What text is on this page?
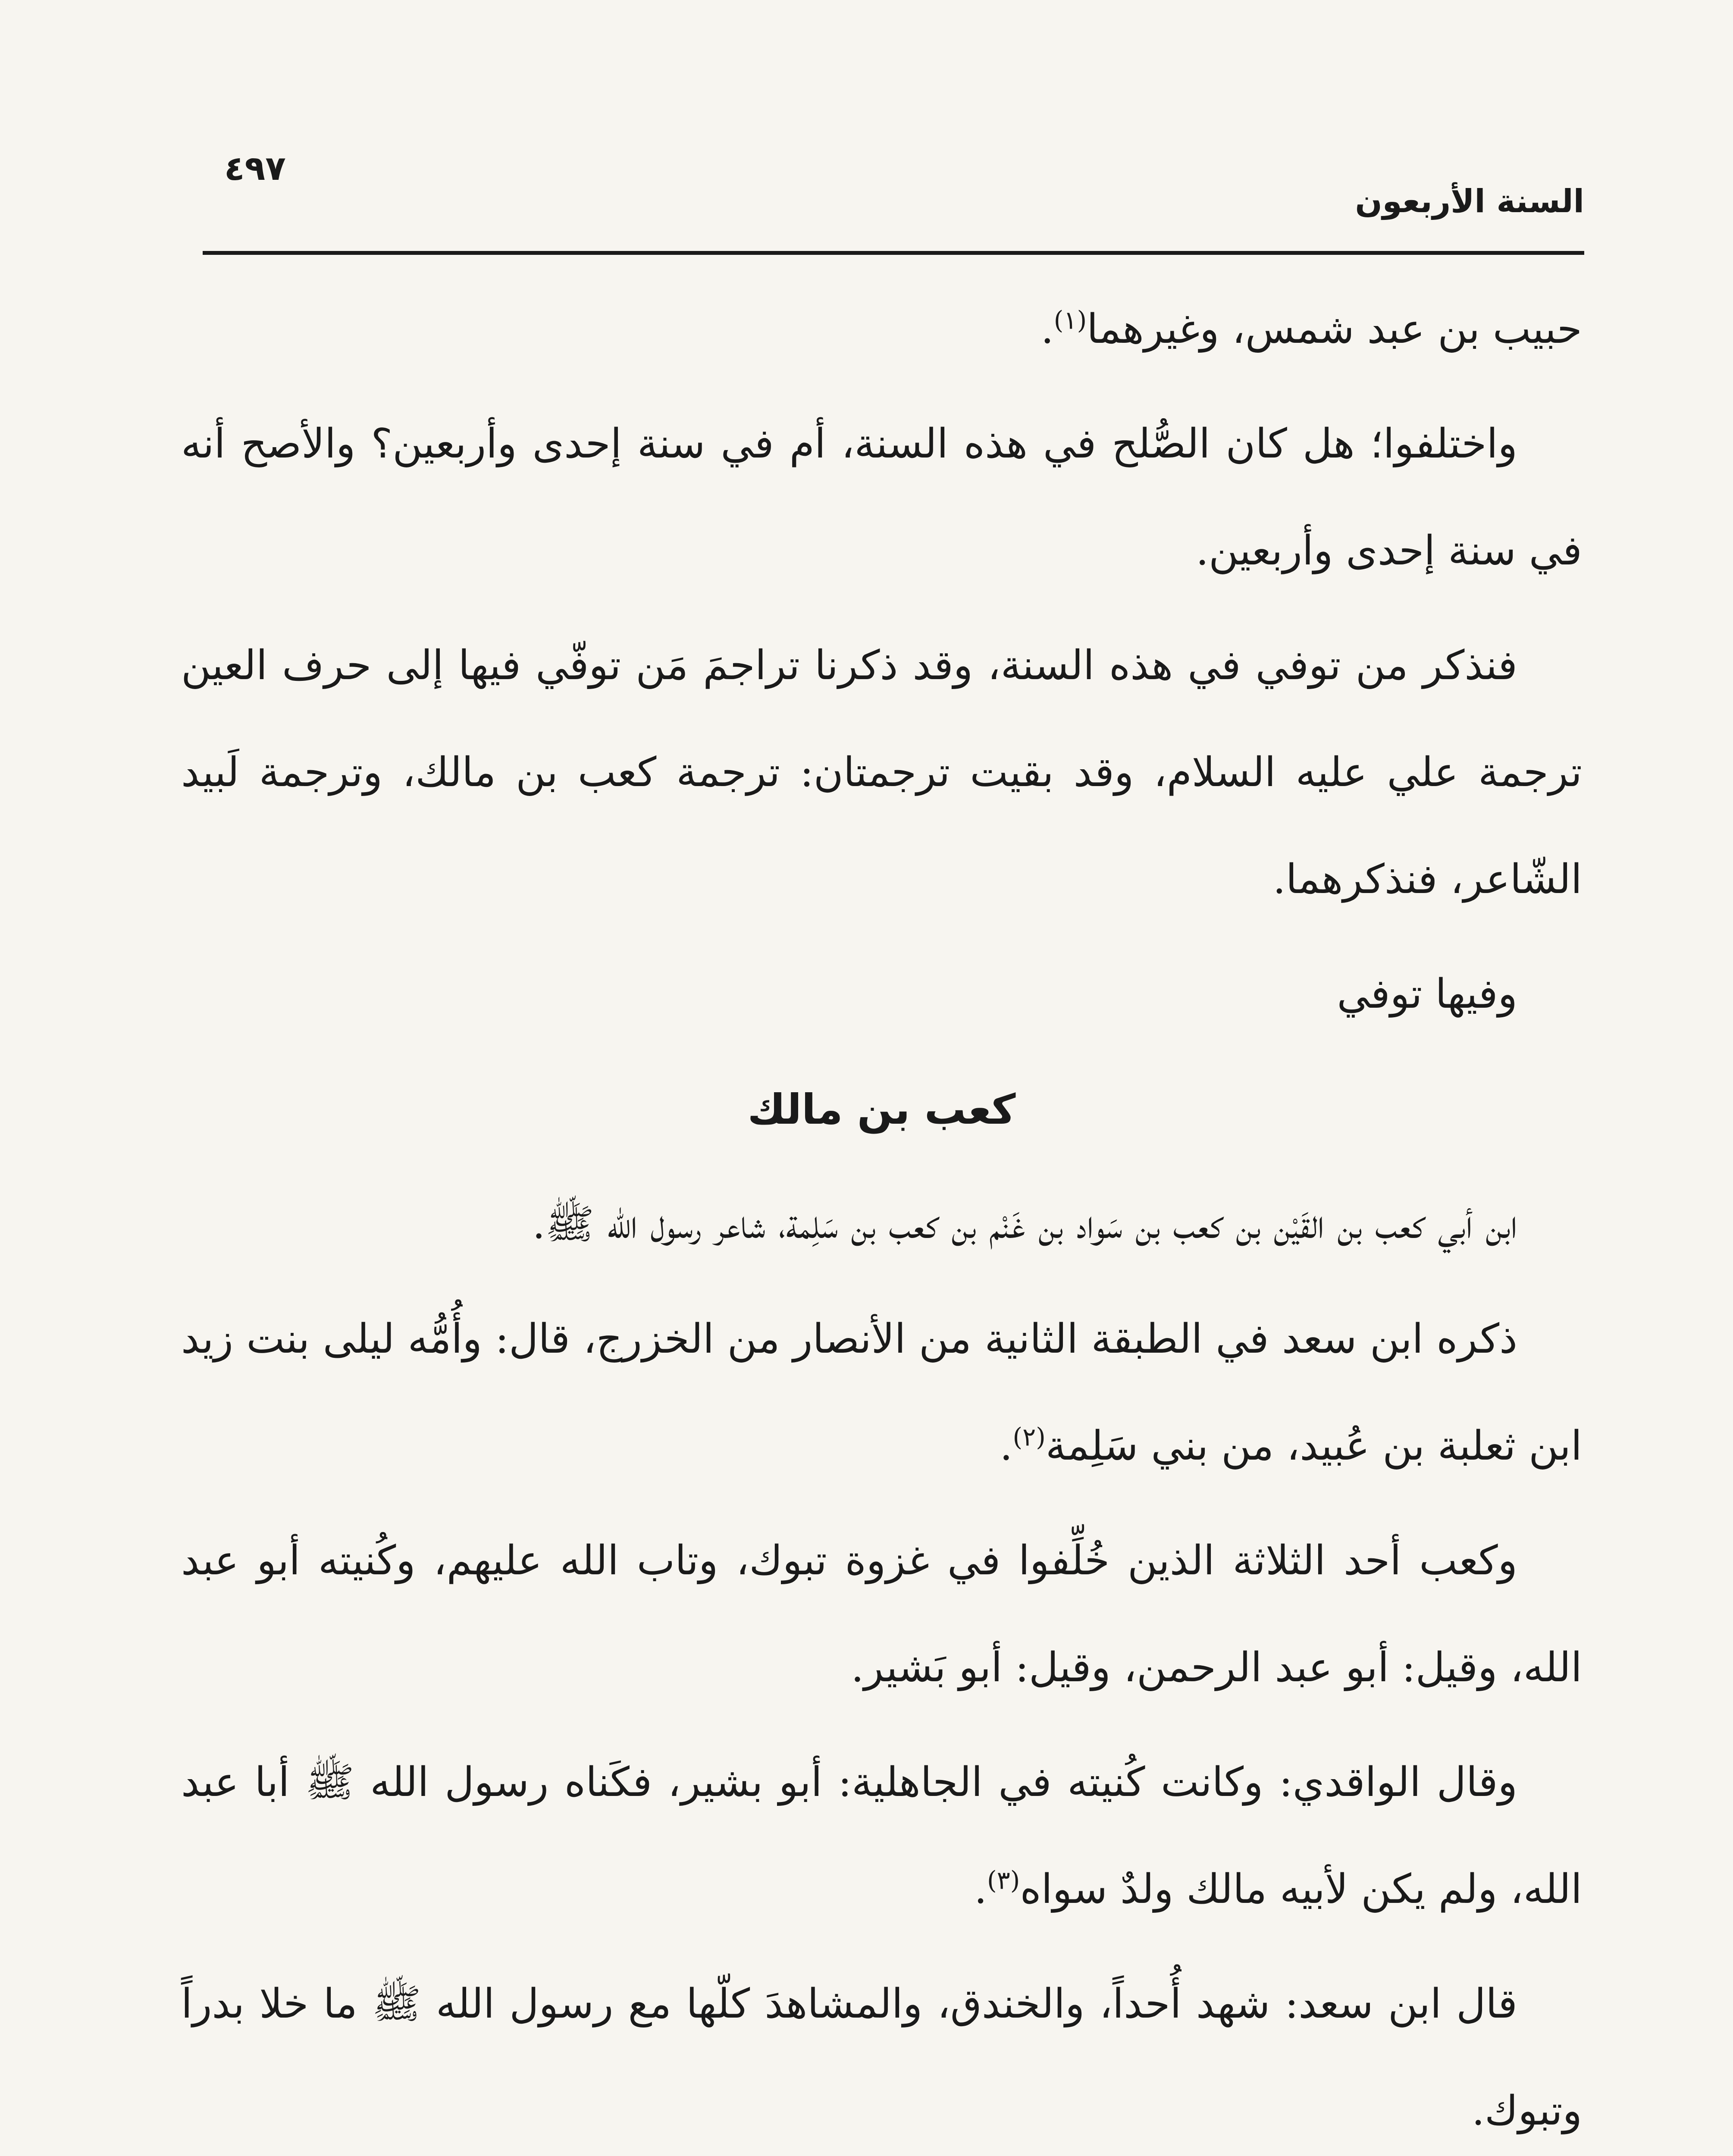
السنة الأربعون
٤٩٧

حبيب بن عبد شمس، وغيرهما$^{(١)}$.

واختلفوا؛ هل كان الصُّلح في هذه السنة، أم في سنة إحدى وأربعين؟ والأصح أنه في سنة إحدى وأربعين.

فنذكر من توفي في هذه السنة، وقد ذكرنا تراجمَ مَن توفّي فيها إلى حرف العين ترجمة علي عليه السلام، وقد بقيت ترجمتان: ترجمة كعب بن مالك، وترجمة لَبيد الشّاعر، فنذكرهما.

وفيها توفي

كعب بن مالك

ابن أبي كعب بن القَيْن بن كعب بن سَواد بن غَنْم بن كعب بن سَلِمة، شاعر رسول الله ﷺ.

ذكره ابن سعد في الطبقة الثانية من الأنصار من الخزرج، قال: وأُمُّه ليلى بنت زيد ابن ثعلبة بن عُبيد، من بني سَلِمة$^{(٢)}$.

وكعب أحد الثلاثة الذين خُلِّفوا في غزوة تبوك، وتاب الله عليهم، وكُنيته أبو عبد الله، وقيل: أبو عبد الرحمن، وقيل: أبو بَشير.

وقال الواقدي: وكانت كُنيته في الجاهلية: أبو بشير، فكَناه رسول الله ﷺ أبا عبد الله، ولم يكن لأبيه مالك ولدٌ سواه$^{(٣)}$.

قال ابن سعد: شهد أُحداً، والخندق، والمشاهدَ كلّها مع رسول الله ﷺ ما خلا بدراً وتبوك.
